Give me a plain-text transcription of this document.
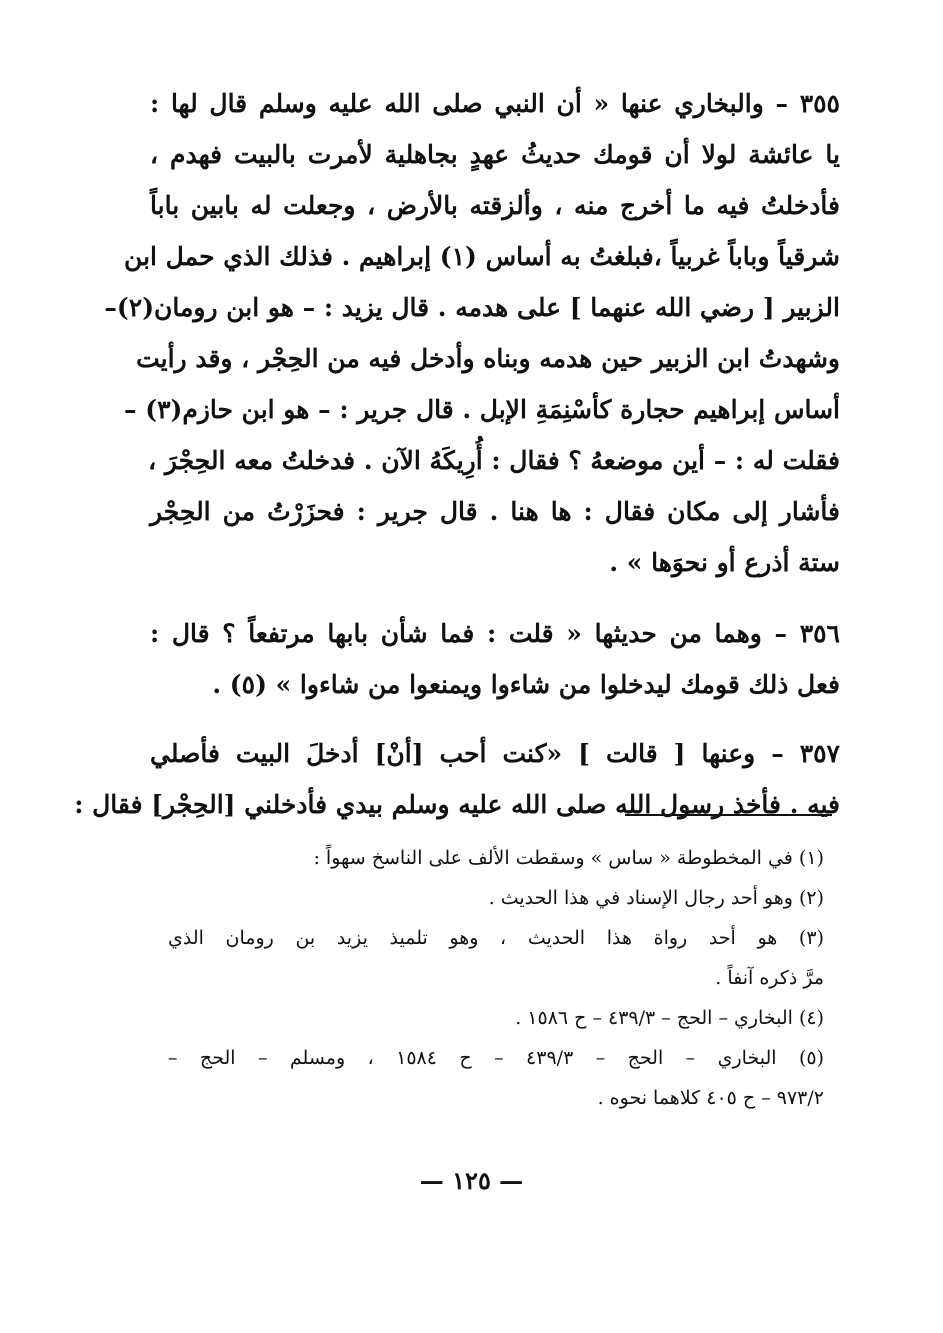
٣٥٥ – والبخاري عنها « أن النبي صلى الله عليه وسلم قال لها :
يا عائشة لولا أن قومك حديثُ عهدٍ بجاهلية لأمرت بالبيت فهدم ،
فأدخلتُ فيه ما أخرج منه ، وألزقته بالأرض ، وجعلت له بابين باباً
شرقياً وباباً غربياً ،فبلغتُ به أساس (١) إبراهيم . فذلك الذي حمل ابن
الزبير [ رضي الله عنهما ] على هدمه . قال يزيد : – هو ابن رومان(٢)–
وشهدتُ ابن الزبير حين هدمه وبناه وأدخل فيه من الحِجْر ، وقد رأيت
أساس إبراهيم حجارة كأسْنِمَةِ الإبل . قال جرير : – هو ابن حازم(٣) –
فقلت له : – أين موضعهُ ؟ فقال : أُرِيكَهُ الآن . فدخلتُ معه الحِجْرَ ،
فأشار إلى مكان فقال : ها هنا . قال جرير : فحزَرْتُ من الحِجْر
ستة أذرع أو نحوَها » .
٣٥٦ – وهما من حديثها « قلت : فما شأن بابها مرتفعاً ؟ قال :
فعل ذلك قومك ليدخلوا من شاءوا ويمنعوا من شاءوا » (٥) .
٣٥٧ – وعنها [ قالت ] «كنت أحب [أنْ] أدخلَ البيت فأصلي
فيه . فأخذ رسول الله صلى الله عليه وسلم بيدي فأدخلني [الحِجْر] فقال :
(١) في المخطوطة « ساس » وسقطت الألف على الناسخ سهواً :
(٢) وهو أحد رجال الإسناد في هذا الحديث .
(٣) هو أحد رواة هذا الحديث ، وهو تلميذ يزيد بن رومان الذي
مرَّ ذكره آنفاً .
(٤) البخاري – الحج – ٤٣٩/٣ – ح ١٥٨٦ .
(٥) البخاري – الحج – ٤٣٩/٣ – ح ١٥٨٤ ، ومسلم – الحج –
٩٧٣/٢ – ح ٤٠٥ كلاهما نحوه .
— ١٢٥ —
